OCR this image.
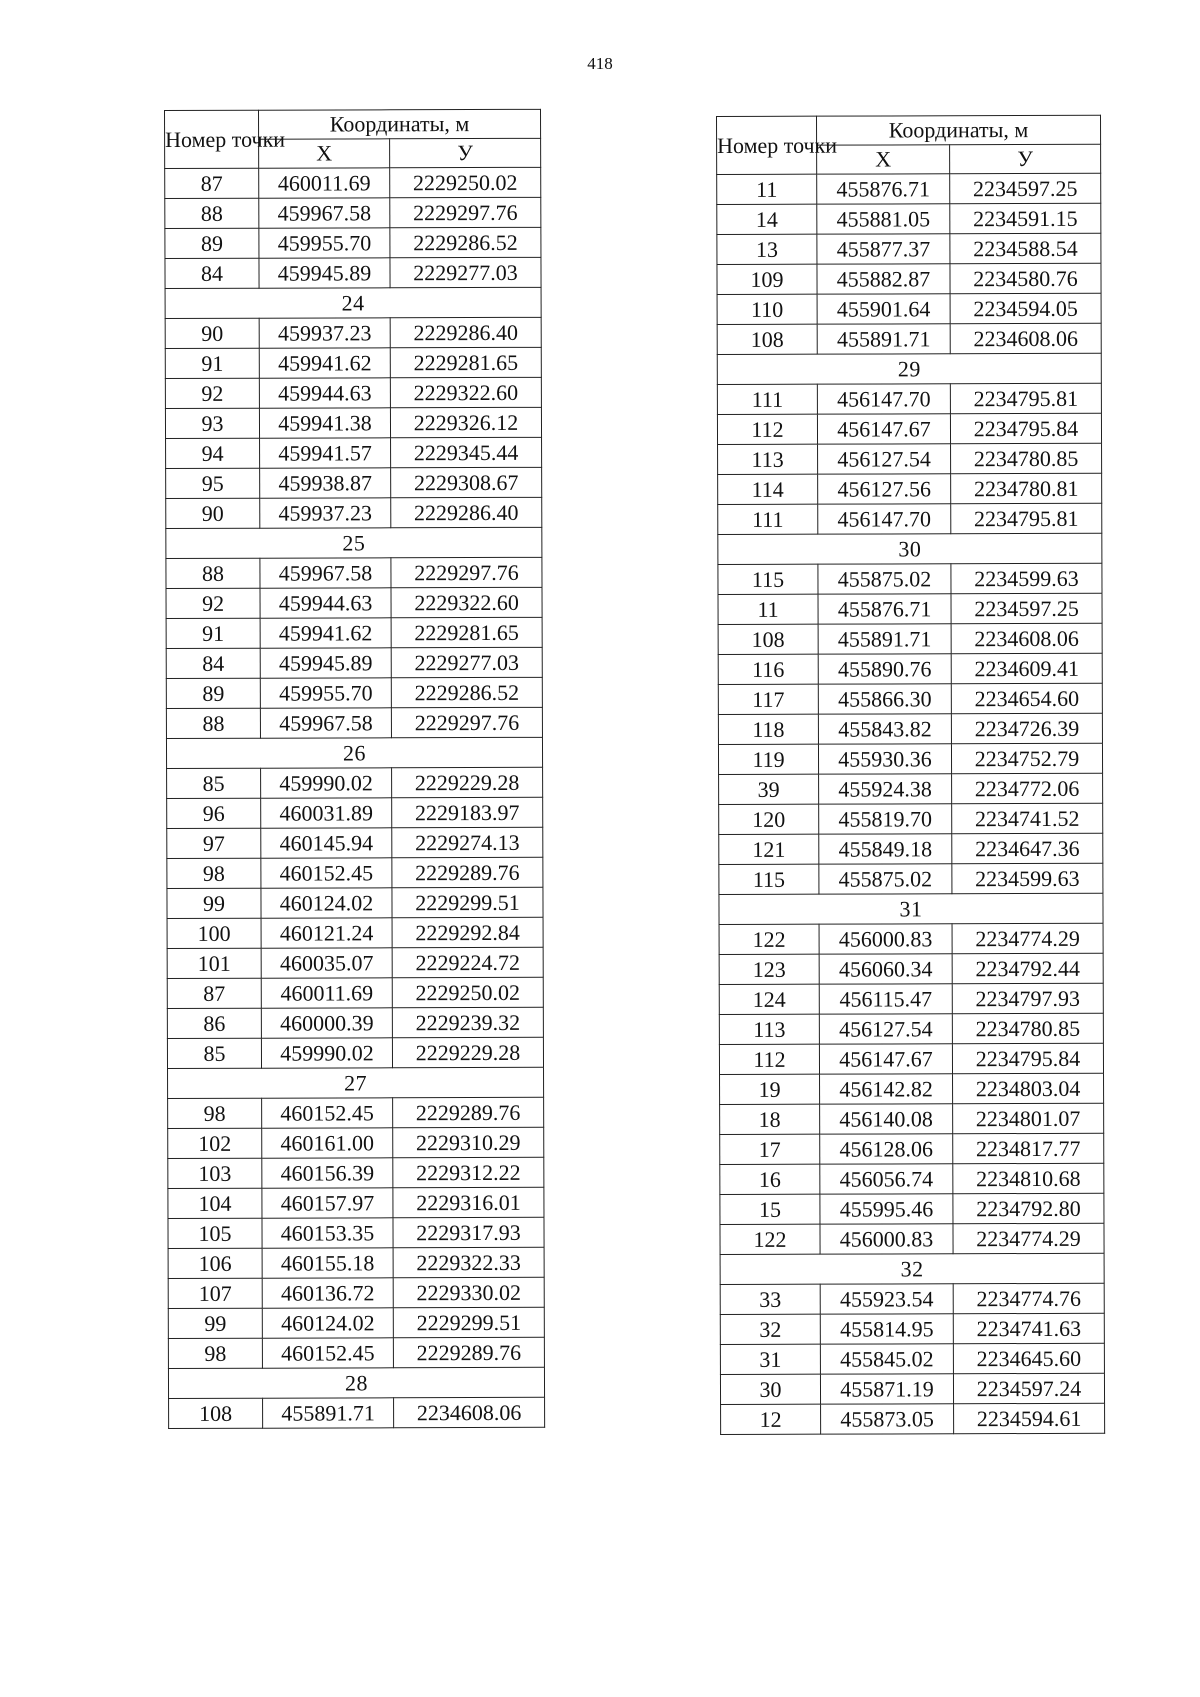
418
Номер точки	Координаты, м	
	Х	У
87	460011.69	2229250.02
88	459967.58	2229297.76
89	459955.70	2229286.52
84	459945.89	2229277.03
24		
90	459937.23	2229286.40
91	459941.62	2229281.65
92	459944.63	2229322.60
93	459941.38	2229326.12
94	459941.57	2229345.44
95	459938.87	2229308.67
90	459937.23	2229286.40
25		
88	459967.58	2229297.76
92	459944.63	2229322.60
91	459941.62	2229281.65
84	459945.89	2229277.03
89	459955.70	2229286.52
88	459967.58	2229297.76
26		
85	459990.02	2229229.28
96	460031.89	2229183.97
97	460145.94	2229274.13
98	460152.45	2229289.76
99	460124.02	2229299.51
100	460121.24	2229292.84
101	460035.07	2229224.72
87	460011.69	2229250.02
86	460000.39	2229239.32
85	459990.02	2229229.28
27		
98	460152.45	2229289.76
102	460161.00	2229310.29
103	460156.39	2229312.22
104	460157.97	2229316.01
105	460153.35	2229317.93
106	460155.18	2229322.33
107	460136.72	2229330.02
99	460124.02	2229299.51
98	460152.45	2229289.76
28		
108	455891.71	2234608.06
Номер точки	Координаты, м	
	Х	У
11	455876.71	2234597.25
14	455881.05	2234591.15
13	455877.37	2234588.54
109	455882.87	2234580.76
110	455901.64	2234594.05
108	455891.71	2234608.06
29		
111	456147.70	2234795.81
112	456147.67	2234795.84
113	456127.54	2234780.85
114	456127.56	2234780.81
111	456147.70	2234795.81
30		
115	455875.02	2234599.63
11	455876.71	2234597.25
108	455891.71	2234608.06
116	455890.76	2234609.41
117	455866.30	2234654.60
118	455843.82	2234726.39
119	455930.36	2234752.79
39	455924.38	2234772.06
120	455819.70	2234741.52
121	455849.18	2234647.36
115	455875.02	2234599.63
31		
122	456000.83	2234774.29
123	456060.34	2234792.44
124	456115.47	2234797.93
113	456127.54	2234780.85
112	456147.67	2234795.84
19	456142.82	2234803.04
18	456140.08	2234801.07
17	456128.06	2234817.77
16	456056.74	2234810.68
15	455995.46	2234792.80
122	456000.83	2234774.29
32		
33	455923.54	2234774.76
32	455814.95	2234741.63
31	455845.02	2234645.60
30	455871.19	2234597.24
12	455873.05	2234594.61
